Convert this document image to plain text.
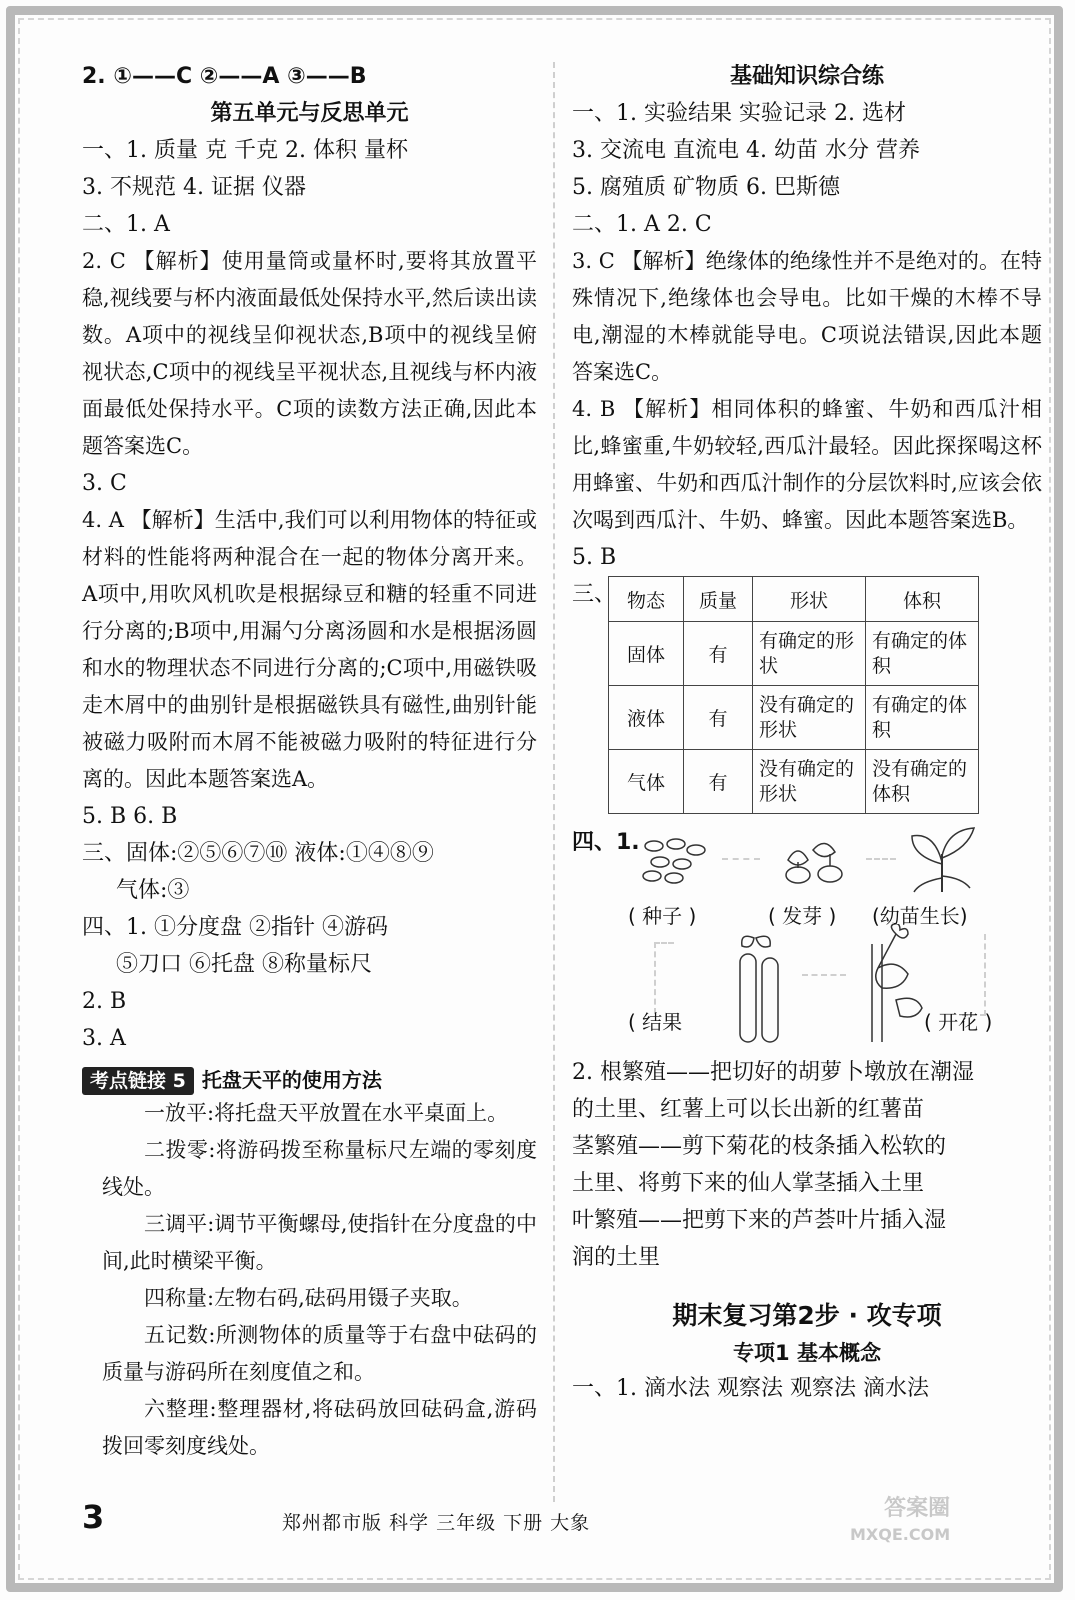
2. ①——C ②——A ③——B
第五单元与反思单元
一、1. 质量 克 千克 2. 体积 量杯
3. 不规范 4. 证据 仪器
二、1. A
2. C 【解析】使用量筒或量杯时,要将其放置平稳,视线要与杯内液面最低处保持水平,然后读出读数。A项中的视线呈仰视状态,B项中的视线呈俯视状态,C项中的视线呈平视状态,且视线与杯内液面最低处保持水平。C项的读数方法正确,因此本题答案选C。
3. C
4. A 【解析】生活中,我们可以利用物体的特征或材料的性能将两种混合在一起的物体分离开来。A项中,用吹风机吹是根据绿豆和糖的轻重不同进行分离的;B项中,用漏勺分离汤圆和水是根据汤圆和水的物理状态不同进行分离的;C项中,用磁铁吸走木屑中的曲别针是根据磁铁具有磁性,曲别针能被磁力吸附而木屑不能被磁力吸附的特征进行分离的。因此本题答案选A。
5. B 6. B
三、固体:②⑤⑥⑦⑩ 液体:①④⑧⑨
气体:③
四、1. ①分度盘 ②指针 ④游码
⑤刀口 ⑥托盘 ⑧称量标尺
2. B
3. A
考点链接 5 托盘天平的使用方法
一放平:将托盘天平放置在水平桌面上。
二拨零:将游码拨至称量标尺左端的零刻度线处。
三调平:调节平衡螺母,使指针在分度盘的中间,此时横梁平衡。
四称量:左物右码,砝码用镊子夹取。
五记数:所测物体的质量等于右盘中砝码的质量与游码所在刻度值之和。
六整理:整理器材,将砝码放回砝码盒,游码拨回零刻度线处。
基础知识综合练
一、1. 实验结果 实验记录 2. 选材
3. 交流电 直流电 4. 幼苗 水分 营养
5. 腐殖质 矿物质 6. 巴斯德
二、1. A 2. C
3. C 【解析】绝缘体的绝缘性并不是绝对的。在特殊情况下,绝缘体也会导电。比如干燥的木棒不导电,潮湿的木棒就能导电。C项说法错误,因此本题答案选C。
4. B 【解析】相同体积的蜂蜜、牛奶和西瓜汁相比,蜂蜜重,牛奶较轻,西瓜汁最轻。因此探探喝这杯用蜂蜜、牛奶和西瓜汁制作的分层饮料时,应该会依次喝到西瓜汁、牛奶、蜂蜜。因此本题答案选B。
5. B
三、 物态	质量	形状	体积
固体	有	有确定的形状	有确定的体积
液体	有	没有确定的形状	有确定的体积
气体	有	没有确定的形状	没有确定的体积
四、1.
( 种子 )	( 发芽 ) (幼苗生长)
( 结果	( 开花 )
2. 根繁殖——把切好的胡萝卜墩放在潮湿
的土里、红薯上可以长出新的红薯苗
茎繁殖——剪下菊花的枝条插入松软的
土里、将剪下来的仙人掌茎插入土里
叶繁殖——把剪下来的芦荟叶片插入湿
润的土里
期末复习第2步 · 攻专项
专项1 基本概念
一、1. 滴水法 观察法 观察法 滴水法
3	郑州都市版 科学 三年级 下册 大象
答案圈
MXQE.COM
